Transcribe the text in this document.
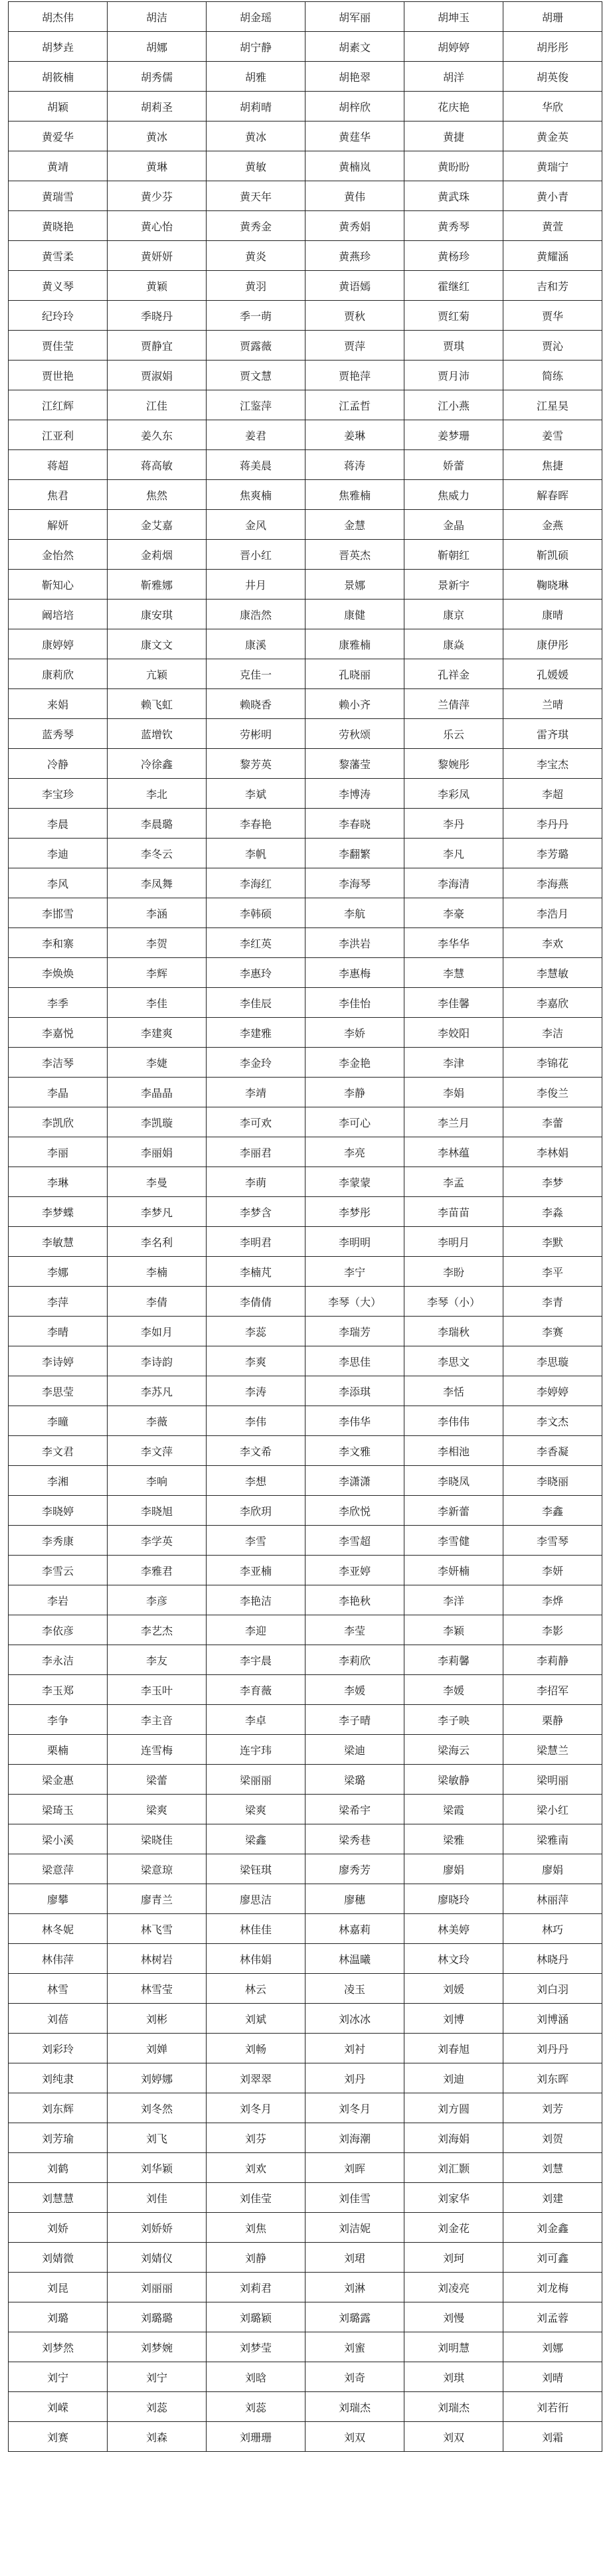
胡杰伟	胡洁	胡金瑶	胡军丽	胡坤玉	胡珊
胡梦垚	胡娜	胡宁静	胡素文	胡婷婷	胡彤彤
胡筱楠	胡秀儒	胡雅	胡艳翠	胡洋	胡英俊
胡颖	胡莉圣	胡莉晴	胡梓欣	花庆艳	华欣
黄爱华	黄冰	黄冰	黄莛华	黄捷	黄金英
黄靖	黄琳	黄敏	黄楠岚	黄盼盼	黄瑞宁
黄瑞雪	黄少芬	黄天年	黄伟	黄武珠	黄小青
黄晓艳	黄心怡	黄秀金	黄秀娟	黄秀琴	黄萱
黄雪柔	黄妍妍	黄炎	黄燕珍	黄杨珍	黄耀涵
黄义琴	黄颖	黄羽	黄语嫣	霍继红	吉和芳
纪玲玲	季晓丹	季一萌	贾秋	贾红菊	贾华
贾佳莹	贾静宜	贾露薇	贾萍	贾琪	贾沁
贾世艳	贾淑娟	贾文慧	贾艳萍	贾月沛	简练
江红辉	江佳	江鉴萍	江孟哲	江小燕	江星昊
江亚利	姜久东	姜君	姜琳	姜梦珊	姜雪
蒋超	蒋高敏	蒋美晨	蒋涛	娇蕾	焦捷
焦君	焦然	焦爽楠	焦雅楠	焦威力	解春晖
解妍	金艾嘉	金风	金慧	金晶	金燕
金怡然	金莉烟	晋小红	晋英杰	靳朝红	靳凯硕
靳知心	靳雅娜	井月	景娜	景新宇	鞠晓琳
阚培培	康安琪	康浩然	康健	康京	康晴
康婷婷	康文文	康溪	康雅楠	康焱	康伊彤
康莉欣	亢颖	克佳一	孔晓丽	孔祥金	孔媛媛
来娟	赖飞虹	赖晓香	赖小齐	兰倩萍	兰晴
蓝秀琴	蓝增钦	劳彬明	劳秋颂	乐云	雷齐琪
冷静	冷徐鑫	黎芳英	黎藩莹	黎婉彤	李宝杰
李宝珍	李北	李斌	李博涛	李彩凤	李超
李晨	李晨璐	李春艳	李春晓	李丹	李丹丹
李迪	李冬云	李帆	李翻繁	李凡	李芳璐
李风	李凤舞	李海红	李海琴	李海清	李海燕
李邯雪	李涵	李韩硕	李航	李豪	李浩月
李和寨	李贺	李红英	李洪岩	李华华	李欢
李焕焕	李辉	李惠玲	李惠梅	李慧	李慧敏
李季	李佳	李佳辰	李佳怡	李佳馨	李嘉欣
李嘉悦	李建爽	李建雅	李娇	李姣阳	李洁
李洁琴	李婕	李金玲	李金艳	李津	李锦花
李晶	李晶晶	李靖	李静	李娟	李俊兰
李凯欣	李凯璇	李可欢	李可心	李兰月	李蕾
李丽	李丽娟	李丽君	李亮	李林蕴	李林娟
李琳	李曼	李萌	李蒙蒙	李孟	李梦
李梦蝶	李梦凡	李梦含	李梦彤	李苗苗	李淼
李敏慧	李名利	李明君	李明明	李明月	李默
李娜	李楠	李楠芃	李宁	李盼	李平
李萍	李倩	李倩倩	李琴（大）	李琴（小）	李青
李晴	李如月	李蕊	李瑞芳	李瑞秋	李赛
李诗婷	李诗韵	李爽	李思佳	李思文	李思璇
李思莹	李苏凡	李涛	李添琪	李恬	李婷婷
李曈	李薇	李伟	李伟华	李伟伟	李文杰
李文君	李文萍	李文希	李文雅	李相池	李香凝
李湘	李响	李想	李潇潇	李晓凤	李晓丽
李晓婷	李晓旭	李欣玥	李欣悦	李新蕾	李鑫
李秀康	李学英	李雪	李雪超	李雪健	李雪琴
李雪云	李雅君	李亚楠	李亚婷	李妍楠	李妍
李岩	李彦	李艳洁	李艳秋	李洋	李烨
李依彦	李艺杰	李迎	李莹	李颖	李影
李永洁	李友	李宇晨	李莉欣	李莉馨	李莉静
李玉郑	李玉叶	李育薇	李媛	李媛	李招军
李争	李主音	李卓	李子晴	李子映	栗静
栗楠	连雪梅	连宇玮	梁迪	梁海云	梁慧兰
梁金惠	梁蕾	梁丽丽	梁璐	梁敏静	梁明丽
梁琦玉	梁爽	梁爽	梁希宇	梁霞	梁小红
梁小溪	梁晓佳	梁鑫	梁秀巷	梁雅	梁雅南
梁意萍	梁意琼	梁钰琪	廖秀芳	廖娟	廖娟
廖攀	廖青兰	廖思洁	廖穗	廖晓玲	林丽萍
林冬妮	林飞雪	林佳佳	林嘉莉	林美婷	林巧
林伟萍	林树岩	林伟娟	林温曦	林文玲	林晓丹
林雪	林雪莹	林云	凌玉	刘媛	刘白羽
刘蓓	刘彬	刘斌	刘冰冰	刘博	刘博涵
刘彩玲	刘婵	刘畅	刘衬	刘春旭	刘丹丹
刘纯隶	刘婷娜	刘翠翠	刘丹	刘迪	刘东晖
刘东辉	刘冬然	刘冬月	刘冬月	刘方圆	刘芳
刘芳瑜	刘飞	刘芬	刘海潮	刘海娟	刘贺
刘鹤	刘华颖	刘欢	刘晖	刘汇颢	刘慧
刘慧慧	刘佳	刘佳莹	刘佳雪	刘家华	刘建
刘娇	刘娇娇	刘焦	刘洁妮	刘金花	刘金鑫
刘婧微	刘婧仪	刘静	刘珺	刘珂	刘可鑫
刘昆	刘丽丽	刘莉君	刘淋	刘凌亮	刘龙梅
刘璐	刘璐璐	刘璐颖	刘璐露	刘慢	刘孟蓉
刘梦然	刘梦婉	刘梦莹	刘蜜	刘明慧	刘娜
刘宁	刘宁	刘晗	刘奇	刘琪	刘晴
刘嵘	刘蕊	刘蕊	刘瑞杰	刘瑞杰	刘若衎
刘赛	刘森	刘珊珊	刘双	刘双	刘霜
